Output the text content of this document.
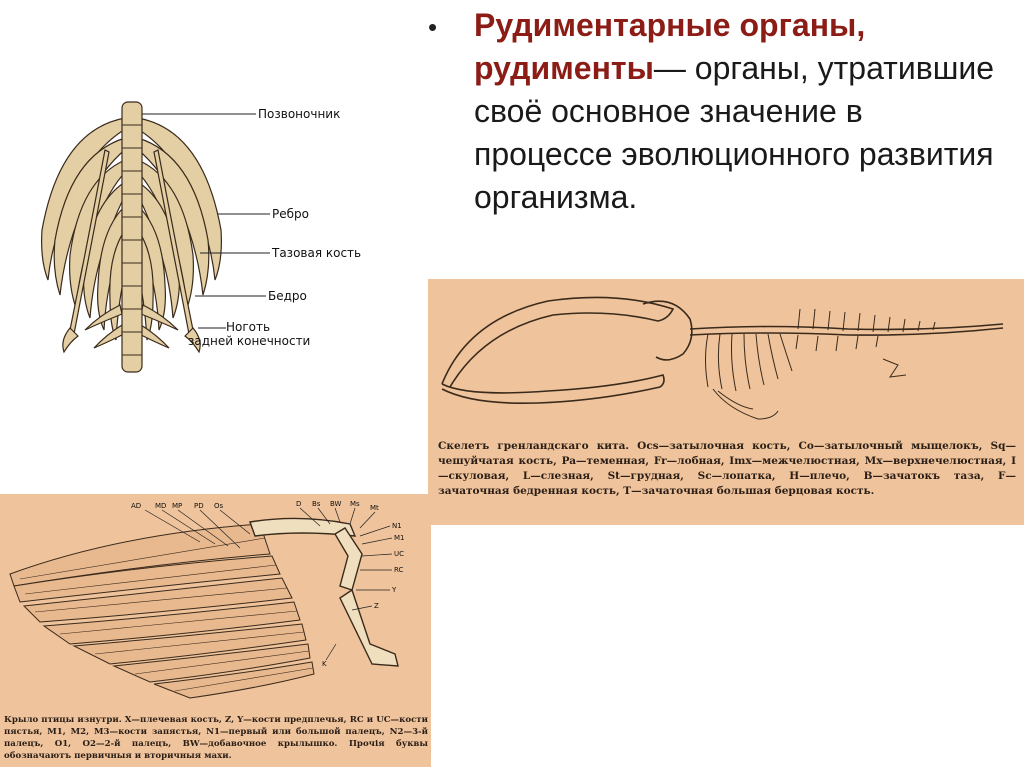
• Рудиментарные органы,
рудименты— органы, утратившие своё основное значение в процессе эволюционного развития организма.
Позвоночник
Ребро
Тазовая кость
Бедро
Ноготь
задней конечности
Скелетъ гренландскаго кита. Ocs—затылочная кость, Co—затылочный мыщелокъ, Sq—чешуйчатая кость, Pa—теменная, Fr—лобная, Imx—межчелюстная, Mx—верхнечелюстная, I—скуловая, L—слезная, St—грудная, Sc—лопатка, H—плечо, B—зачатокъ таза, F—зачаточная бедренная кость, T—зачаточная большая берцовая кость.
AD MD MP PD Os	D Bs BW Ms Mt
N1
M1
UC
RC
Y
Z
K
Крыло птицы изнутри. X—плечевая кость, Z, Y—кости предплечья, RC и UC—кости пястья, M1, M2, M3—кости запястья, N1—первый или большой палецъ, N2—3-й палецъ, O1, O2—2-й палецъ, BW—добавочное крылышко. Прочія буквы обозначаютъ первичныя и вторичныя махи.
